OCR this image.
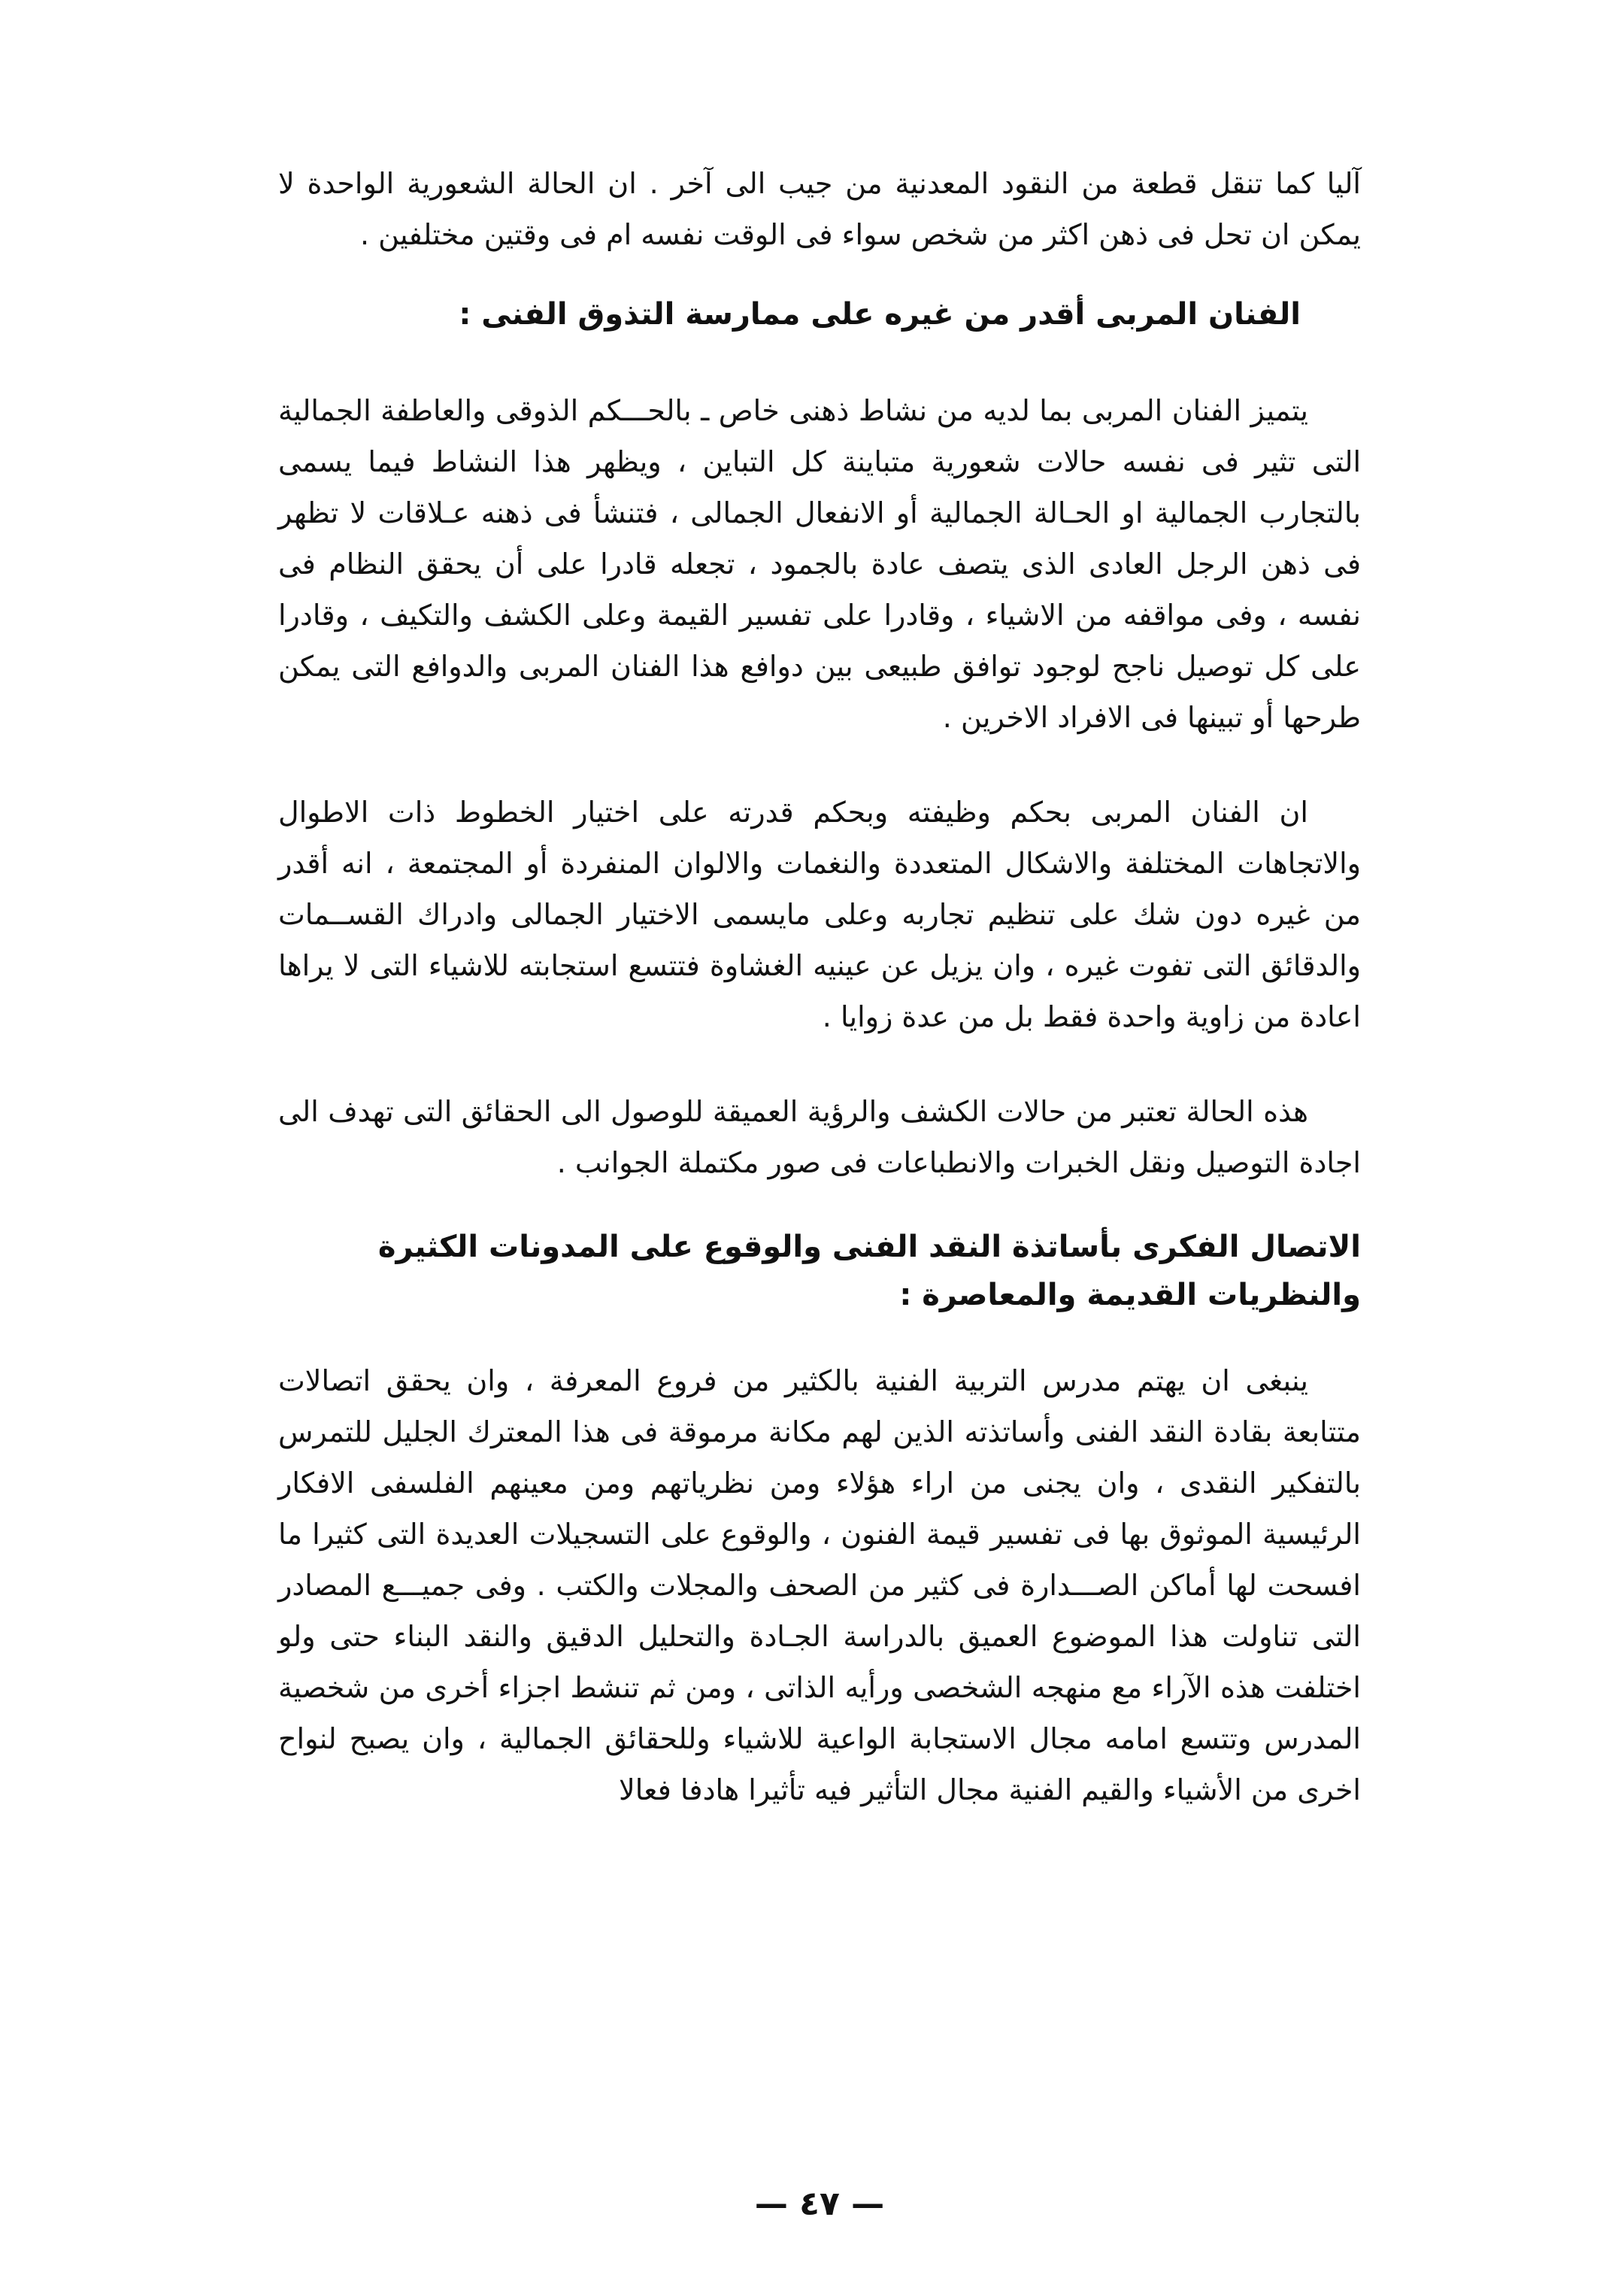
آليا كما تنقل قطعة من النقود المعدنية من جيب الى آخر . ان الحالة الشعورية الواحدة لا يمكن ان تحل فى ذهن اكثر من شخص سواء فى الوقت نفسه ام فى وقتين مختلفين .

الفنان المربى أقدر من غيره على ممارسة التذوق الفنى :

يتميز الفنان المربى بما لديه من نشاط ذهنى خاص ـ بالحـــكم الذوقى والعاطفة الجمالية التى تثير فى نفسه حالات شعورية متباينة كل التباين ، ويظهر هذا النشاط فيما يسمى بالتجارب الجمالية او الحـالة الجمالية أو الانفعال الجمالى ، فتنشأ فى ذهنه عـلاقات لا تظهر فى ذهن الرجل العادى الذى يتصف عادة بالجمود ، تجعله قادرا على أن يحقق النظام فى نفسه ، وفى مواقفه من الاشياء ، وقادرا على تفسير القيمة وعلى الكشف والتكيف ، وقادرا على كل توصيل ناجح لوجود توافق طبيعى بين دوافع هذا الفنان المربى والدوافع التى يمكن طرحها أو تبينها فى الافراد الاخرين .

ان الفنان المربى بحكم وظيفته وبحكم قدرته على اختيار الخطوط ذات الاطوال والاتجاهات المختلفة والاشكال المتعددة والنغمات والالوان المنفردة أو المجتمعة ، انه أقدر من غيره دون شك على تنظيم تجاربه وعلى مايسمى الاختيار الجمالى وادراك القســمات والدقائق التى تفوت غيره ، وان يزيل عن عينيه الغشاوة فتتسع استجابته للاشياء التى لا يراها اعادة من زاوية واحدة فقط بل من عدة زوايا .

هذه الحالة تعتبر من حالات الكشف والرؤية العميقة للوصول الى الحقائق التى تهدف الى اجادة التوصيل ونقل الخبرات والانطباعات فى صور مكتملة الجوانب .

الاتصال الفكرى بأساتذة النقد الفنى والوقوع على المدونات الكثيرة والنظريات القديمة والمعاصرة :

ينبغى ان يهتم مدرس التربية الفنية بالكثير من فروع المعرفة ، وان يحقق اتصالات متتابعة بقادة النقد الفنى وأساتذته الذين لهم مكانة مرموقة فى هذا المعترك الجليل للتمرس بالتفكير النقدى ، وان يجنى من اراء هؤلاء ومن نظرياتهم ومن معينهم الفلسفى الافكار الرئيسية الموثوق بها فى تفسير قيمة الفنون ، والوقوع على التسجيلات العديدة التى كثيرا ما افسحت لها أماكن الصـــدارة فى كثير من الصحف والمجلات والكتب . وفى جميـــع المصادر التى تناولت هذا الموضوع العميق بالدراسة الجـادة والتحليل الدقيق والنقد البناء حتى ولو اختلفت هذه الآراء مع منهجه الشخصى ورأيه الذاتى ، ومن ثم تنشط اجزاء أخرى من شخصية المدرس وتتسع امامه مجال الاستجابة الواعية للاشياء وللحقائق الجمالية ، وان يصبح لنواح اخرى من الأشياء والقيم الفنية مجال التأثير فيه تأثيرا هادفا فعالا

— ٤٧ —
